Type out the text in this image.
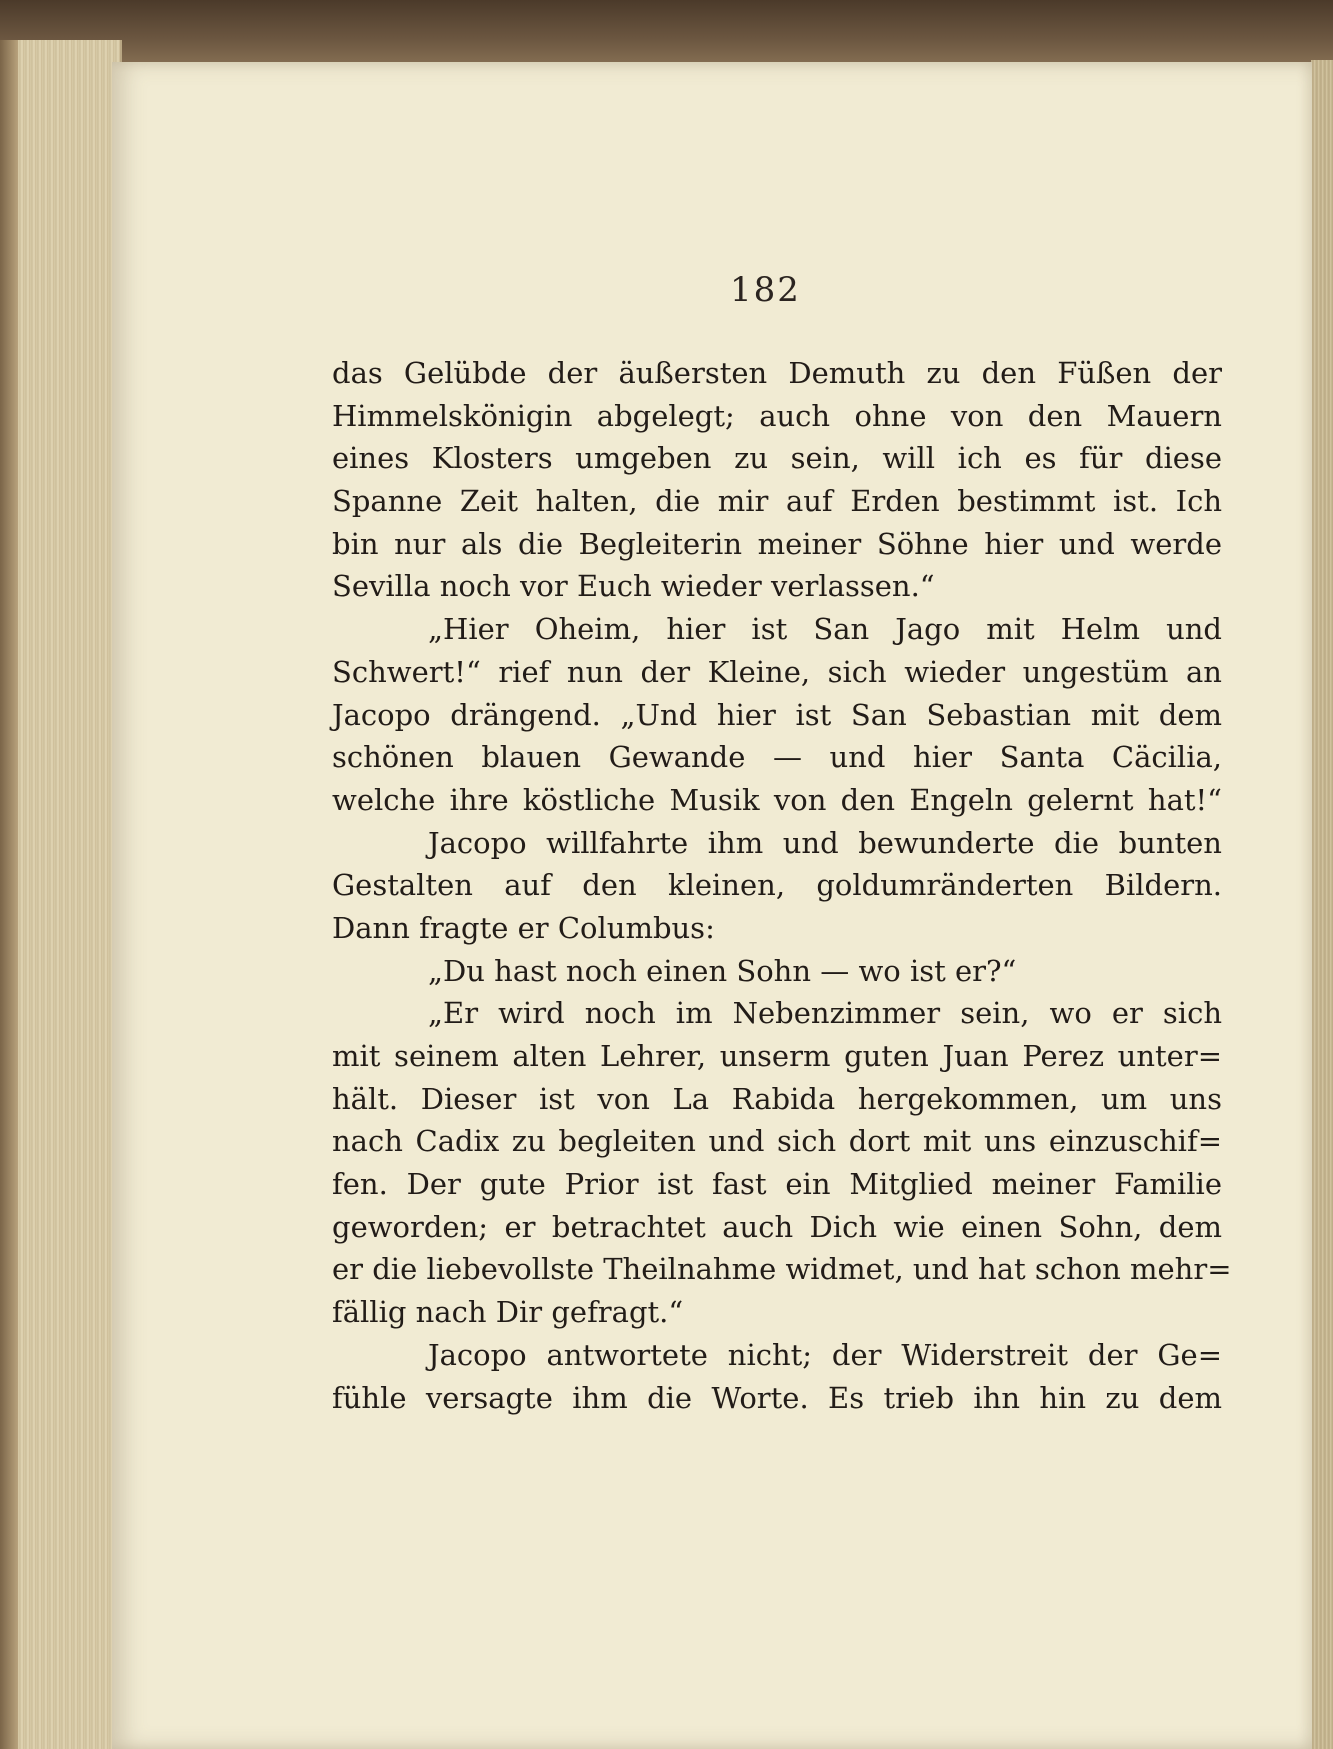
182
das Gelübde der äußersten Demuth zu den Füßen der
Himmelskönigin abgelegt; auch ohne von den Mauern
eines Klosters umgeben zu sein, will ich es für diese
Spanne Zeit halten, die mir auf Erden bestimmt ist. Ich
bin nur als die Begleiterin meiner Söhne hier und werde
Sevilla noch vor Euch wieder verlassen.“
„Hier Oheim, hier ist San Jago mit Helm und
Schwert!“ rief nun der Kleine, sich wieder ungestüm an
Jacopo drängend. „Und hier ist San Sebastian mit dem
schönen blauen Gewande — und hier Santa Cäcilia,
welche ihre köstliche Musik von den Engeln gelernt hat!“
Jacopo willfahrte ihm und bewunderte die bunten
Gestalten auf den kleinen, goldumränderten Bildern.
Dann fragte er Columbus:
„Du hast noch einen Sohn — wo ist er?“
„Er wird noch im Nebenzimmer sein, wo er sich
mit seinem alten Lehrer, unserm guten Juan Perez unter=
hält. Dieser ist von La Rabida hergekommen, um uns
nach Cadix zu begleiten und sich dort mit uns einzuschif=
fen. Der gute Prior ist fast ein Mitglied meiner Familie
geworden; er betrachtet auch Dich wie einen Sohn, dem
er die liebevollste Theilnahme widmet, und hat schon mehr=
fällig nach Dir gefragt.“
Jacopo antwortete nicht; der Widerstreit der Ge=
fühle versagte ihm die Worte. Es trieb ihn hin zu dem
